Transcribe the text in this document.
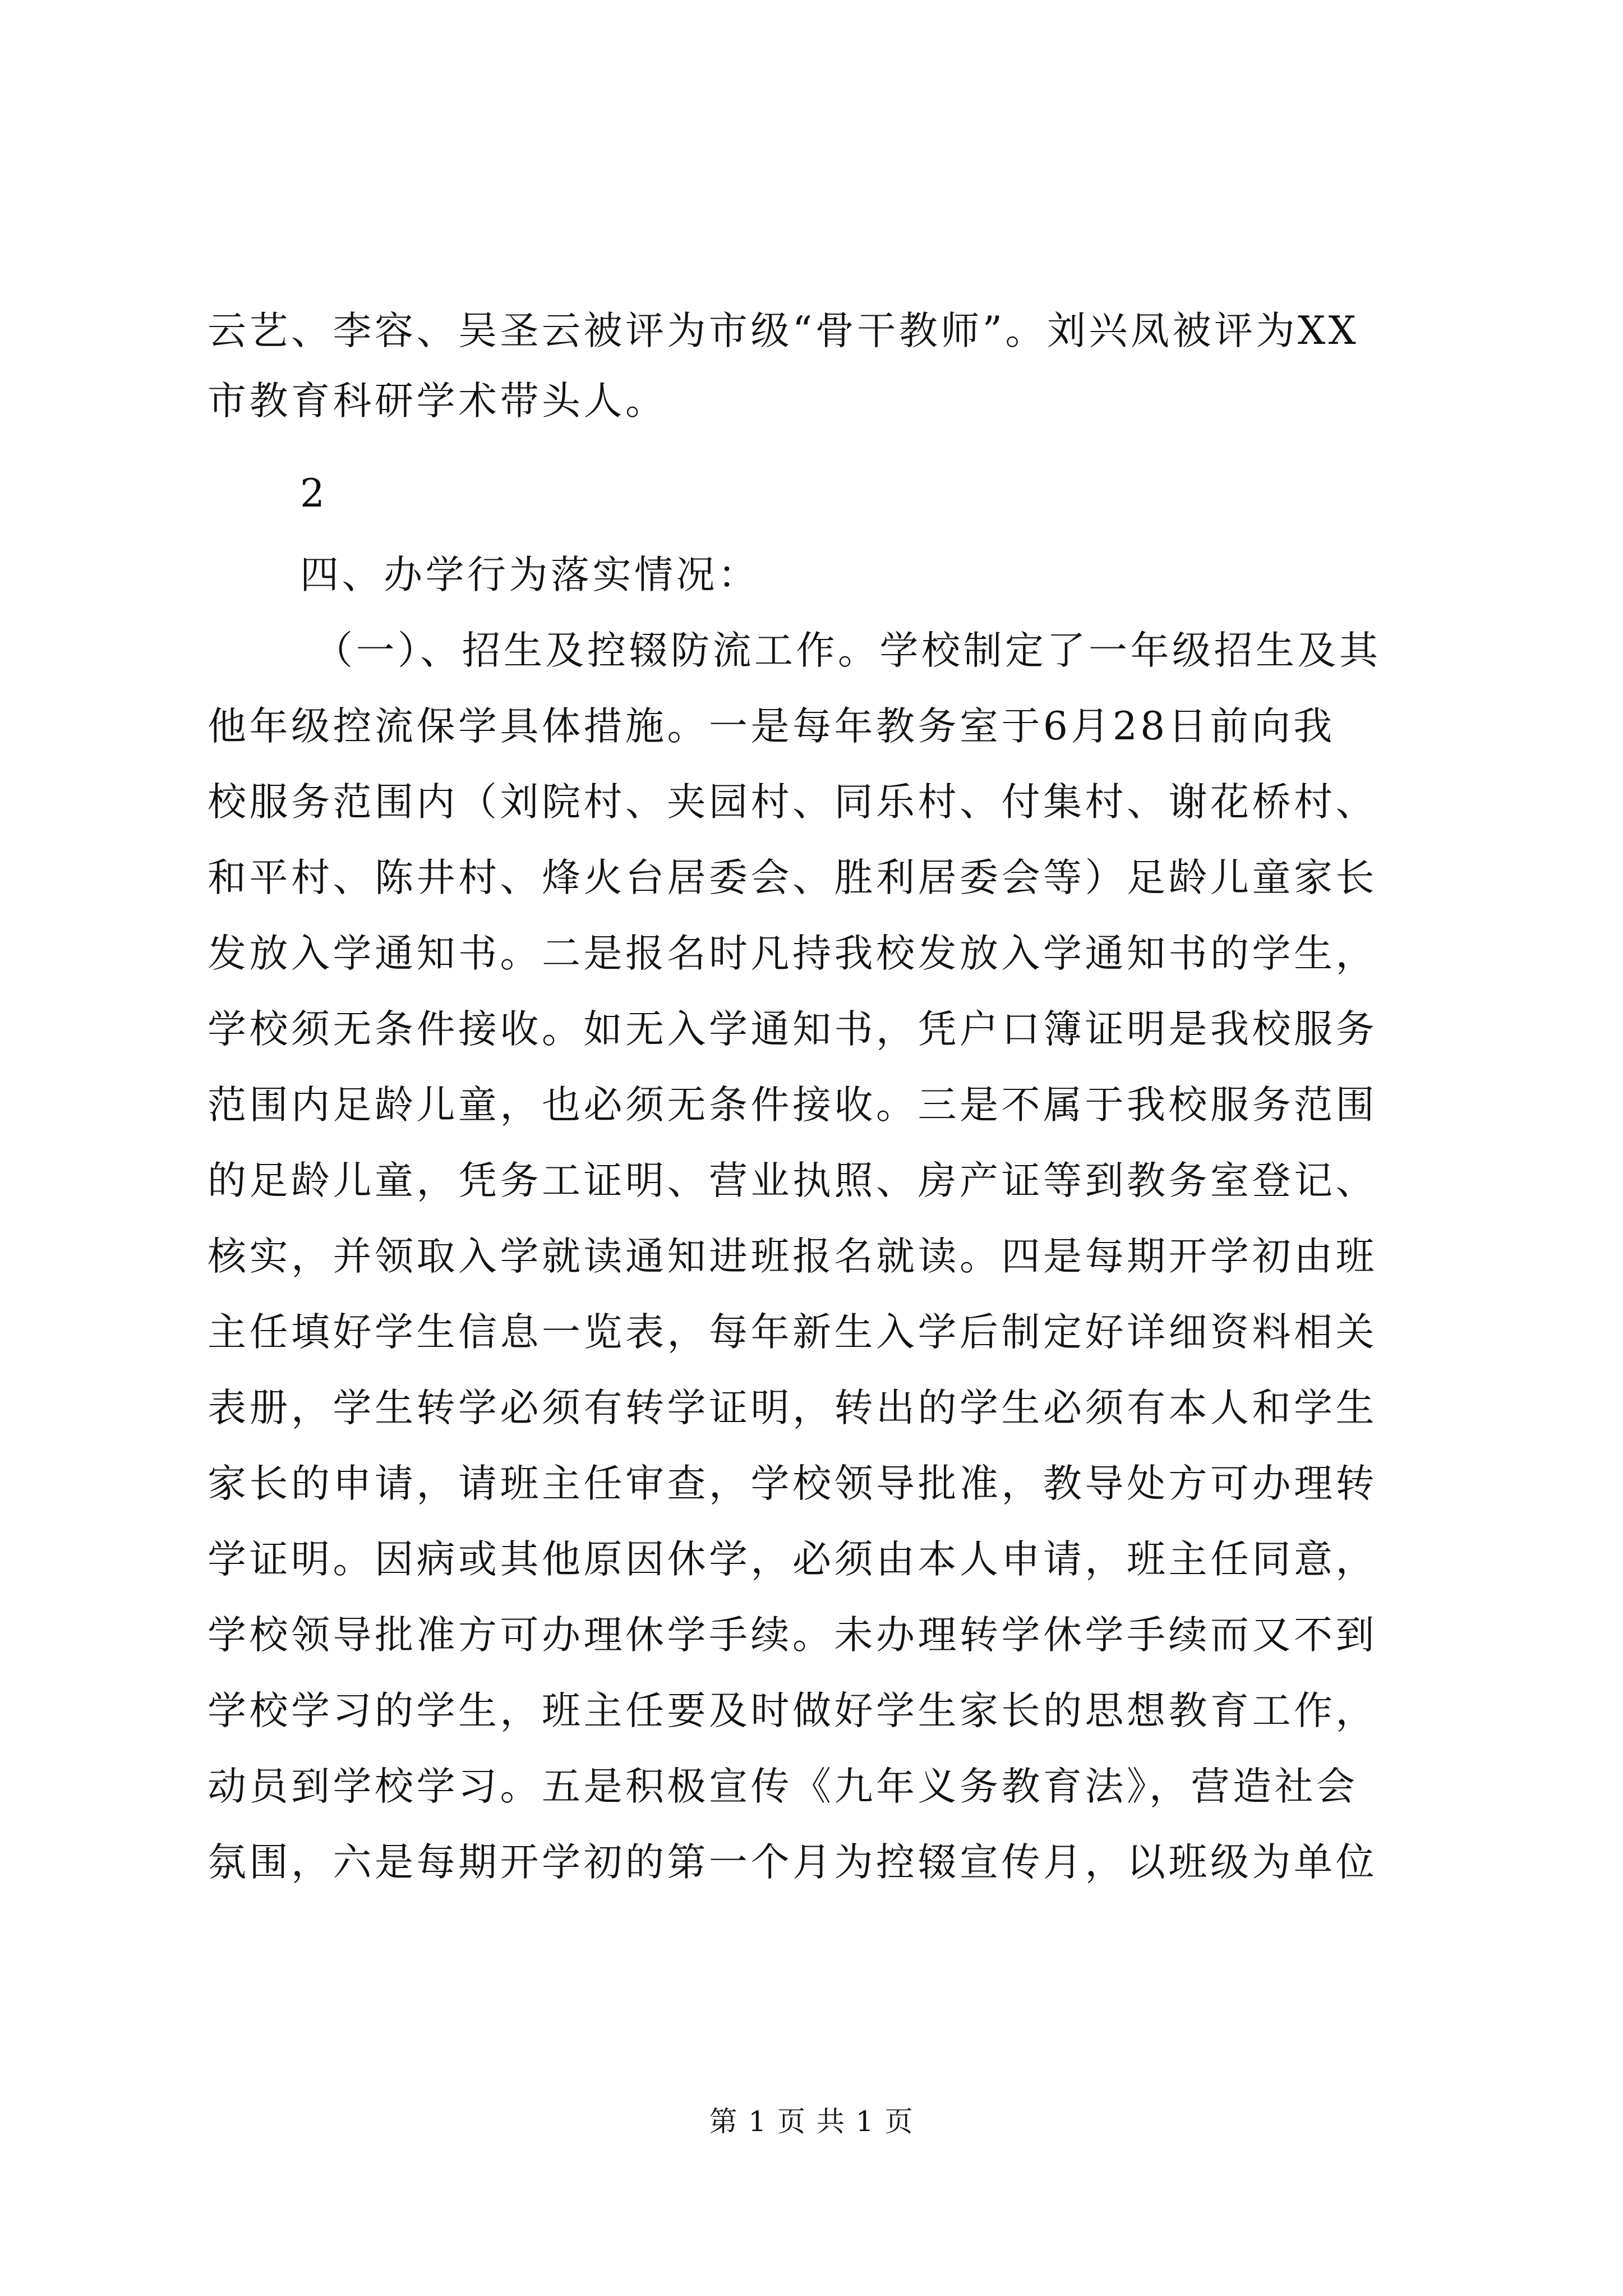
云艺、李容、吴圣云被评为市级“骨干教师”。刘兴凤被评为XX
市教育科研学术带头人。
2
四、办学行为落实情况：
（一）、招生及控辍防流工作。学校制定了一年级招生及其
他年级控流保学具体措施。一是每年教务室于6月28日前向我
校服务范围内（刘院村、夹园村、同乐村、付集村、谢花桥村、
和平村、陈井村、烽火台居委会、胜利居委会等）足龄儿童家长
发放入学通知书。二是报名时凡持我校发放入学通知书的学生，
学校须无条件接收。如无入学通知书，凭户口簿证明是我校服务
范围内足龄儿童，也必须无条件接收。三是不属于我校服务范围
的足龄儿童，凭务工证明、营业执照、房产证等到教务室登记、
核实，并领取入学就读通知进班报名就读。四是每期开学初由班
主任填好学生信息一览表，每年新生入学后制定好详细资料相关
表册，学生转学必须有转学证明，转出的学生必须有本人和学生
家长的申请，请班主任审查，学校领导批准，教导处方可办理转
学证明。因病或其他原因休学，必须由本人申请，班主任同意，
学校领导批准方可办理休学手续。未办理转学休学手续而又不到
学校学习的学生，班主任要及时做好学生家长的思想教育工作，
动员到学校学习。五是积极宣传《九年义务教育法》，营造社会
氛围，六是每期开学初的第一个月为控辍宣传月，以班级为单位
第 1 页 共 1 页
